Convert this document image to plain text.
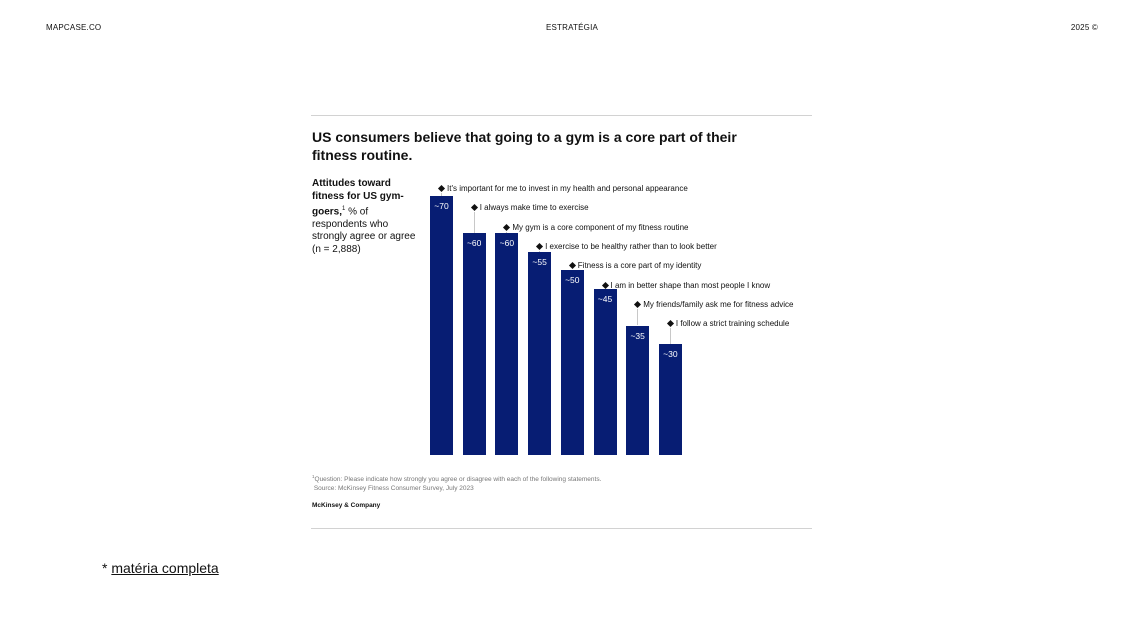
MAPCASE.CO	ESTRATÉGIA	2025 ©
US consumers believe that going to a gym is a core part of their fitness routine.
Attitudes toward fitness for US gym-goers,$^1$ % of respondents who strongly agree or agree (n = 2,888)
$^1$Question: Please indicate how strongly you agree or disagree with each of the following statements.
Source: McKinsey Fitness Consumer Survey, July 2023
McKinsey & Company
~70
It's important for me to invest in my health and personal appearance
~60
I always make time to exercise
~60
My gym is a core component of my fitness routine
~55
I exercise to be healthy rather than to look better
~50
Fitness is a core part of my identity
~45
I am in better shape than most people I know
~35
My friends/family ask me for fitness advice
~30
I follow a strict training schedule
* matéria completa
